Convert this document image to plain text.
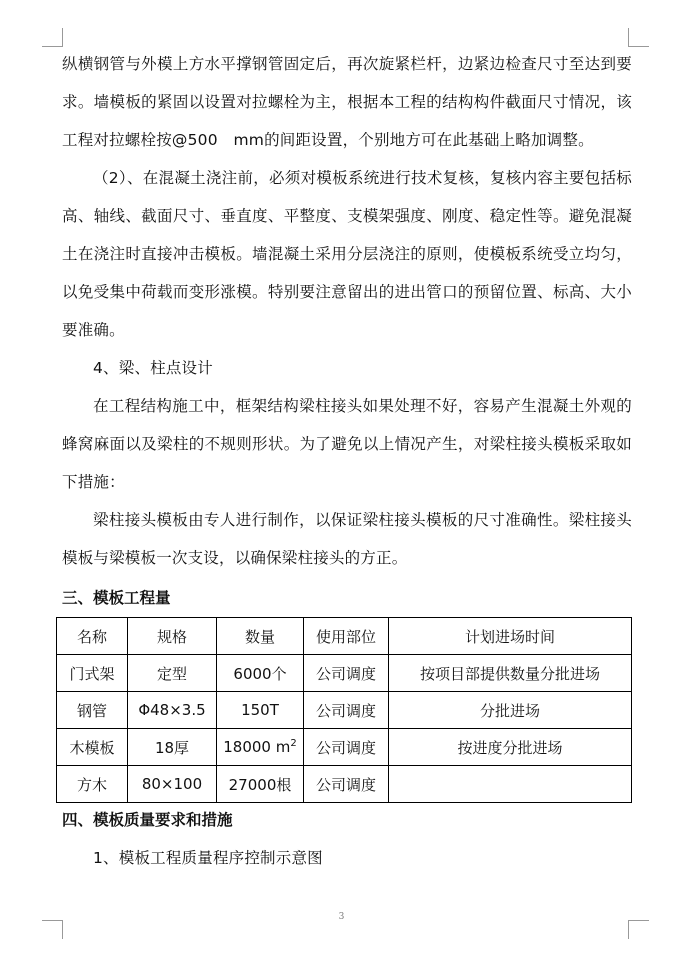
纵横钢管与外模上方水平撑钢管固定后，再次旋紧栏杆，边紧边检查尺寸至达到要求。墙模板的紧固以设置对拉螺栓为主，根据本工程的结构构件截面尺寸情况，该工程对拉螺栓按@500　mm的间距设置，个别地方可在此基础上略加调整。

（2）、在混凝土浇注前，必须对模板系统进行技术复核，复核内容主要包括标高、轴线、截面尺寸、垂直度、平整度、支模架强度、刚度、稳定性等。避免混凝土在浇注时直接冲击模板。墙混凝土采用分层浇注的原则，使模板系统受立均匀，以免受集中荷载而变形涨模。特别要注意留出的进出管口的预留位置、标高、大小要准确。

4、梁、柱点设计

在工程结构施工中，框架结构梁柱接头如果处理不好，容易产生混凝土外观的蜂窝麻面以及梁柱的不规则形状。为了避免以上情况产生，对梁柱接头模板采取如下措施：

梁柱接头模板由专人进行制作，以保证梁柱接头模板的尺寸准确性。梁柱接头模板与梁模板一次支设，以确保梁柱接头的方正。

三、模板工程量
名称	规格	数量	使用部位	计划进场时间
门式架	定型	6000个	公司调度	按项目部提供数量分批进场
钢管	Φ48×3.5	150T	公司调度	分批进场
木模板	18厚	18000 $m^2$	公司调度	按进度分批进场
方木	80×100	27000根	公司调度	
四、模板质量要求和措施

1、模板工程质量程序控制示意图

3
